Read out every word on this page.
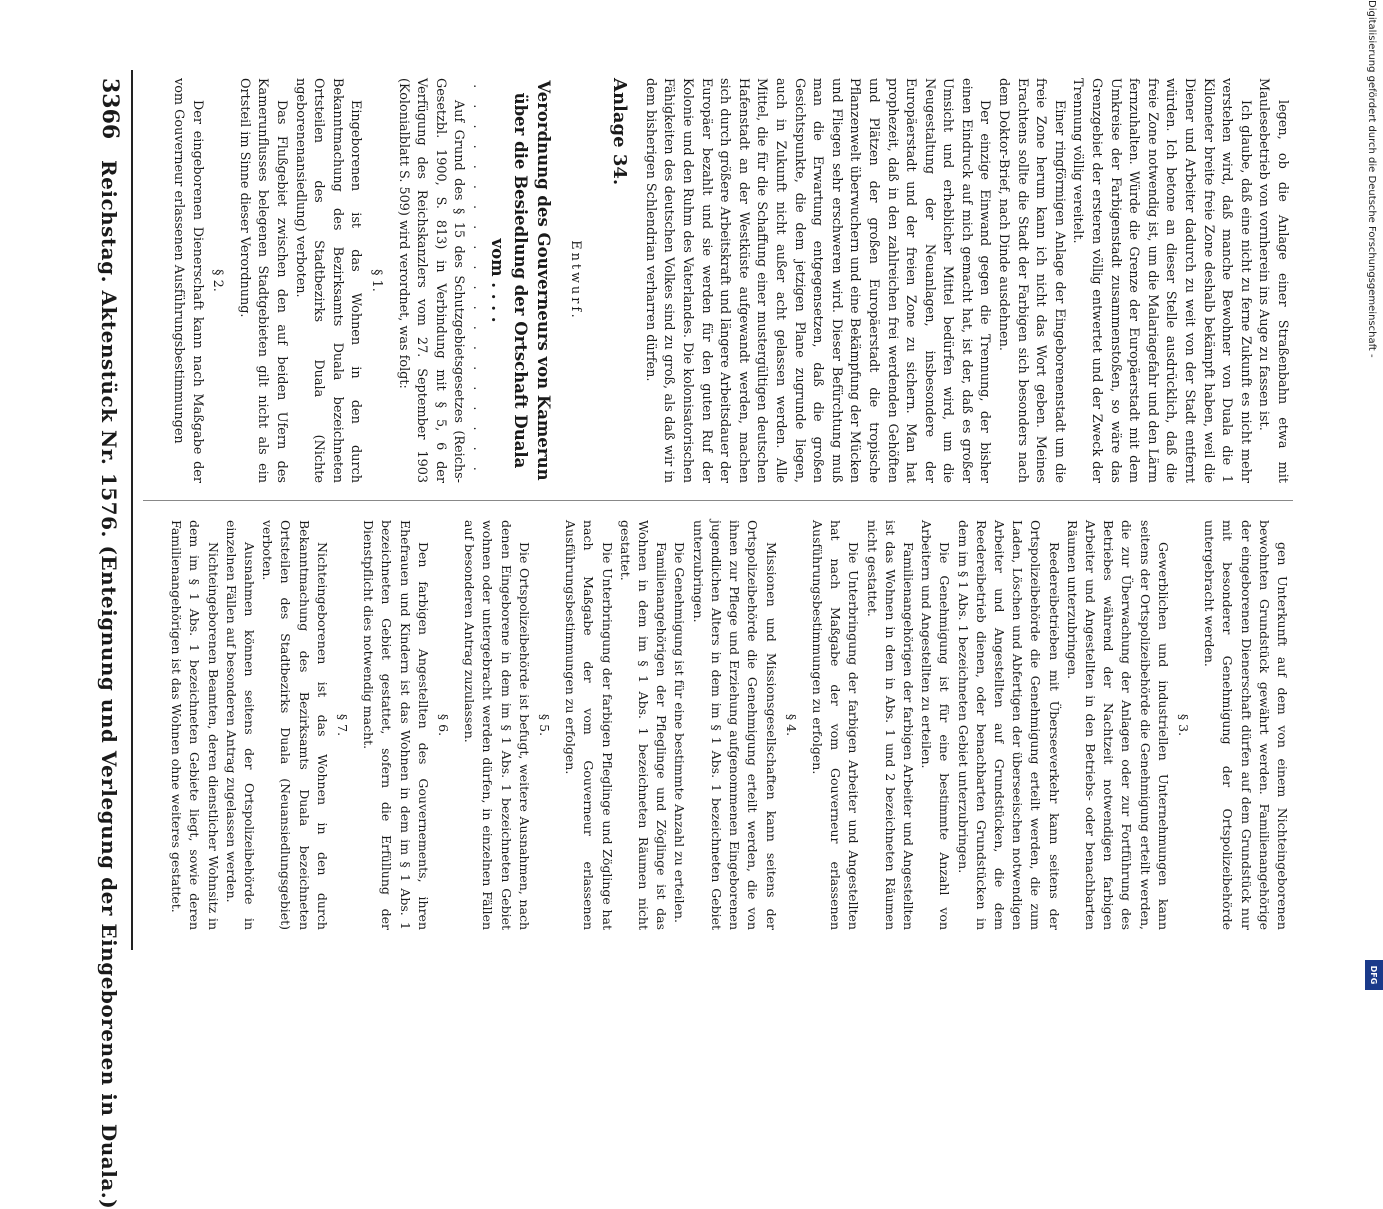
Digitalisierung gefördert durch die Deutsche Forschungsgemeinschaft -
DFG

legen, ob die Anlage einer Straßenbahn etwa mit Maulesebetrieb von vornherein ins Auge zu fassen ist.

Ich glaube, daß eine nicht zu ferne Zukunft es nicht mehr verstehen wird, daß manche Bewohner von Duala die 1 Kilometer breite freie Zone deshalb bekämpft haben, weil die Diener und Arbeiter dadurch zu weit von der Stadt entfernt würden. Ich betone an dieser Stelle ausdrücklich, daß die freie Zone notwendig ist, um die Malariagefahr und den Lärm fernzuhalten. Würde die Grenze der Europäerstadt mit dem Umkreise der Farbigenstadt zusammenstoßen, so wäre das Grenzgebiet der ersteren völlig entwertet und der Zweck der Trennung völlig vereitelt.

Einer ringförmigen Anlage der Eingeborenenstadt um die freie Zone herum kann ich nicht das Wort geben. Meines Erachtens sollte die Stadt der Farbigen sich besonders nach dem Doktor-Brief, nach Dinde ausdehnen.

Der einzige Einwand gegen die Trennung, der bisher einen Eindruck auf mich gemacht hat, ist der, daß es großer Umsicht und erheblicher Mittel bedürfen wird, um die Neugestaltung der Neuanlagen, insbesondere der Europäerstadt und der freien Zone zu sichern. Man hat prophezeit, daß in den zahlreichen frei werdenden Gehöften und Plätzen der großen Europäerstadt die tropische Pflanzenwelt überwuchern und eine Bekämpfung der Mücken und Fliegen sehr erschweren wird. Dieser Befürchtung muß man die Erwartung entgegensetzen, daß die großen Gesichtspunkte, die dem jetzigen Plane zugrunde liegen, auch in Zukunft nicht außer acht gelassen werden. Alle Mittel, die für die Schaffung einer mustergültigen deutschen Hafenstadt an der Westküste aufgewandt werden, machen sich durch größere Arbeitskraft und längere Arbeitsdauer der Europäer bezahlt und sie werden für den guten Ruf der Kolonie und den Ruhm des Vaterlandes. Die kolonisatorischen Fähigkeiten des deutschen Volkes sind zu groß, als daß wir in dem bisherigen Schlendrian verharren dürfen.

Anlage 34.
Entwurf.
Verordnung des Gouverneurs von Kamerun über die Besiedlung der Ortschaft Duala vom . . . .
. . . . . . . . . . . . . . . . . . . .

Auf Grund des § 15 des Schutzgebietsgesetzes (Reichs-Gesetzbl. 1900, S. 813) in Verbindung mit § 5, 6 der Verfügung des Reichskanzlers vom 27. September 1903 (Kolonialblatt S. 509) wird verordnet, was folgt:

§ 1.

Eingeborenen ist das Wohnen in den durch Bekanntmachung des Bezirksamts Duala bezeichneten Ortsteilen des Stadtbezirks Duala (Nichte ngeborenenansiedlung) verboten.

Das Flußgebiet zwischen den auf beiden Ufern des Kamerunflusses belegenen Stadtgebieten gilt nicht als ein Ortsteil im Sinne dieser Verordnung.

§ 2.

Der eingeborenen Dienerschaft kann nach Maßgabe der vom Gouverneur erlassenen Ausführungsbestimmungen

gen Unterkunft auf dem von einem Nichteingeborenen bewohnten Grundstück gewährt werden. Familienangehörige der eingeborenen Dienerschaft dürfen auf dem Grundstück nur mit besonderer Genehmigung der Ortspolizeibehörde untergebracht werden.

§ 3.

Gewerblichen und industriellen Unternehmungen kann seitens der Ortspolizeibehörde die Genehmigung erteilt werden, die zur Überwachung der Anlagen oder zur Fortführung des Betriebes während der Nachtzeit notwendigen farbigen Arbeiter und Angestellten in den Betriebs- oder benachbarten Räumen unterzubringen.

Reedereibetrieben mit Überseeverkehr kann seitens der Ortspolizeibehörde die Genehmigung erteilt werden, die zum Laden, Löschen und Abfertigen der überseeischen notwendigen Arbeiter und Angestellten auf Grundstücken, die dem Reedereibetrieb dienen, oder benachbarten Grundstücken in dem im § 1 Abs. 1 bezeichneten Gebiet unterzubringen.

Die Genehmigung ist für eine bestimmte Anzahl von Arbeitern und Angestellten zu erteilen.

Familienangehörigen der farbigen Arbeiter und Angestellten ist das Wohnen in dem in Abs. 1 und 2 bezeichneten Räumen nicht gestattet.

Die Unterbringung der farbigen Arbeiter und Angestellten hat nach Maßgabe der vom Gouverneur erlassenen Ausführungsbestimmungen zu erfolgen.

§ 4.

Missionen und Missionsgesellschaften kann seitens der Ortspolizeibehörde die Genehmigung erteilt werden, die von ihnen zur Pflege und Erziehung aufgenommenen Eingeborenen jugendlichen Alters in dem im § 1 Abs. 1 bezeichneten Gebiet unterzubringen.

Die Genehmigung ist für eine bestimmte Anzahl zu erteilen.

Familienangehörigen der Pfleglinge und Zöglinge ist das Wohnen in dem im § 1 Abs. 1 bezeichneten Räumen nicht gestattet.

Die Unterbringung der farbigen Pfleglinge und Zöglinge hat nach Maßgabe der vom Gouverneur erlassenen Ausführungsbestimmungen zu erfolgen.

§ 5.

Die Ortspolizeibehörde ist befugt, weitere Ausnahmen, nach denen Eingeborene in dem im § 1 Abs. 1 bezeichneten Gebiet wohnen oder untergebracht werden dürfen, in einzelnen Fällen auf besonderen Antrag zuzulassen.

§ 6.

Den farbigen Angestellten des Gouvernements, ihren Ehefrauen und Kindern ist das Wohnen in dem im § 1 Abs. 1 bezeichneten Gebiet gestattet, sofern die Erfüllung der Dienstpflicht dies notwendig macht.

§ 7.

Nichteingeborenen ist das Wohnen in den durch Bekanntmachung des Bezirksamts Duala bezeichneten Ortsteilen des Stadtbezirks Duala (Neuansiedlungsgebiet) verboten.

Ausnahmen können seitens der Ortspolizeibehörde in einzelnen Fällen auf besonderen Antrag zugelassen werden.

Nichteingeborenen Beamten, deren dienstlicher Wohnsitz in dem im § 1 Abs. 1 bezeichneten Gebiete liegt, sowie deren Familienangehörigen ist das Wohnen ohne weiteres gestattet.

3366
Reichstag. Aktenstück Nr. 1576. (Enteignung und Verlegung der Eingeborenen in Duala.)
